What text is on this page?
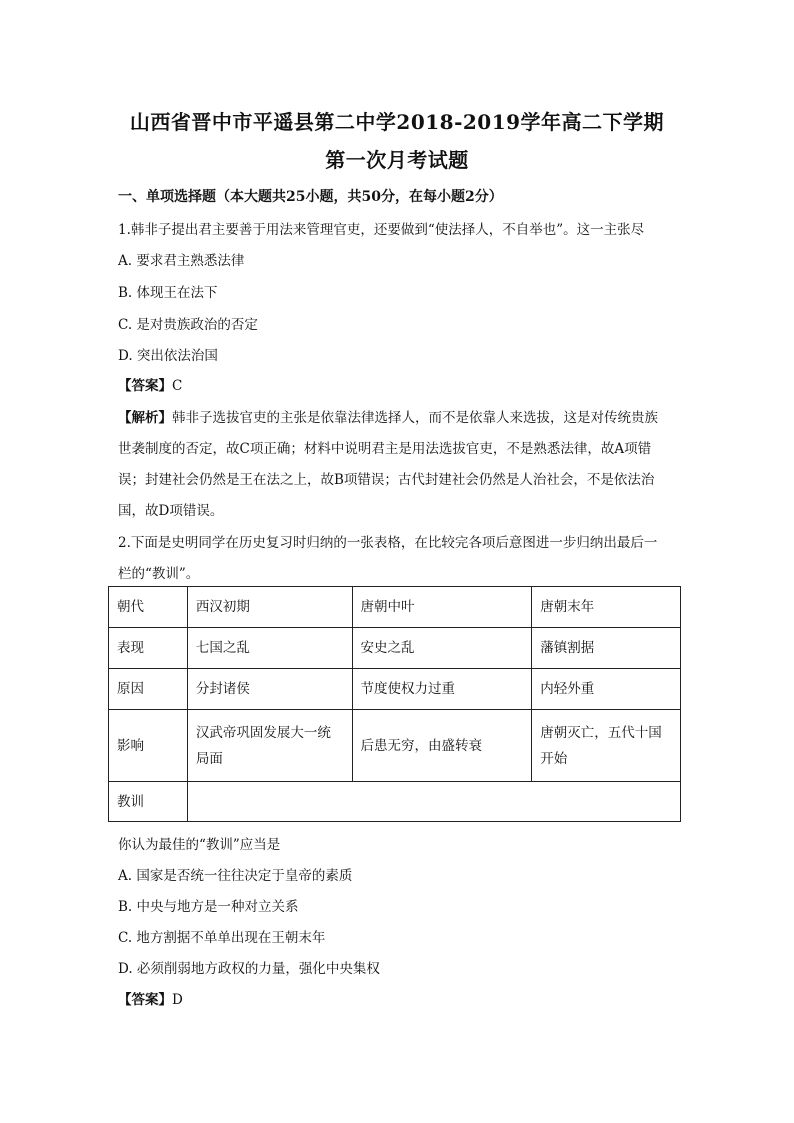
山西省晋中市平遥县第二中学2018-2019学年高二下学期
第一次月考试题
一、单项选择题（本大题共25小题，共50分，在每小题2分）
1.韩非子提出君主要善于用法来管理官吏，还要做到“使法择人，不自举也”。这一主张尽
A. 要求君主熟悉法律
B. 体现王在法下
C. 是对贵族政治的否定
D. 突出依法治国
【答案】C
【解析】韩非子选拔官吏的主张是依靠法律选择人，而不是依靠人来选拔，这是对传统贵族
世袭制度的否定，故C项正确；材料中说明君主是用法选拔官吏，不是熟悉法律，故A项错
误；封建社会仍然是王在法之上，故B项错误；古代封建社会仍然是人治社会，不是依法治
国，故D项错误。
2.下面是史明同学在历史复习时归纳的一张表格，在比较完各项后意图进一步归纳出最后一
栏的“教训”。
朝代	西汉初期	唐朝中叶	唐朝末年
表现	七国之乱	安史之乱	藩镇割据
原因	分封诸侯	节度使权力过重	内轻外重
影响	汉武帝巩固发展大一统局面	后患无穷，由盛转衰	唐朝灭亡，五代十国开始
教训			
你认为最佳的“教训”应当是
A. 国家是否统一往往决定于皇帝的素质
B. 中央与地方是一种对立关系
C. 地方割据不单单出现在王朝末年
D. 必须削弱地方政权的力量，强化中央集权
【答案】D
